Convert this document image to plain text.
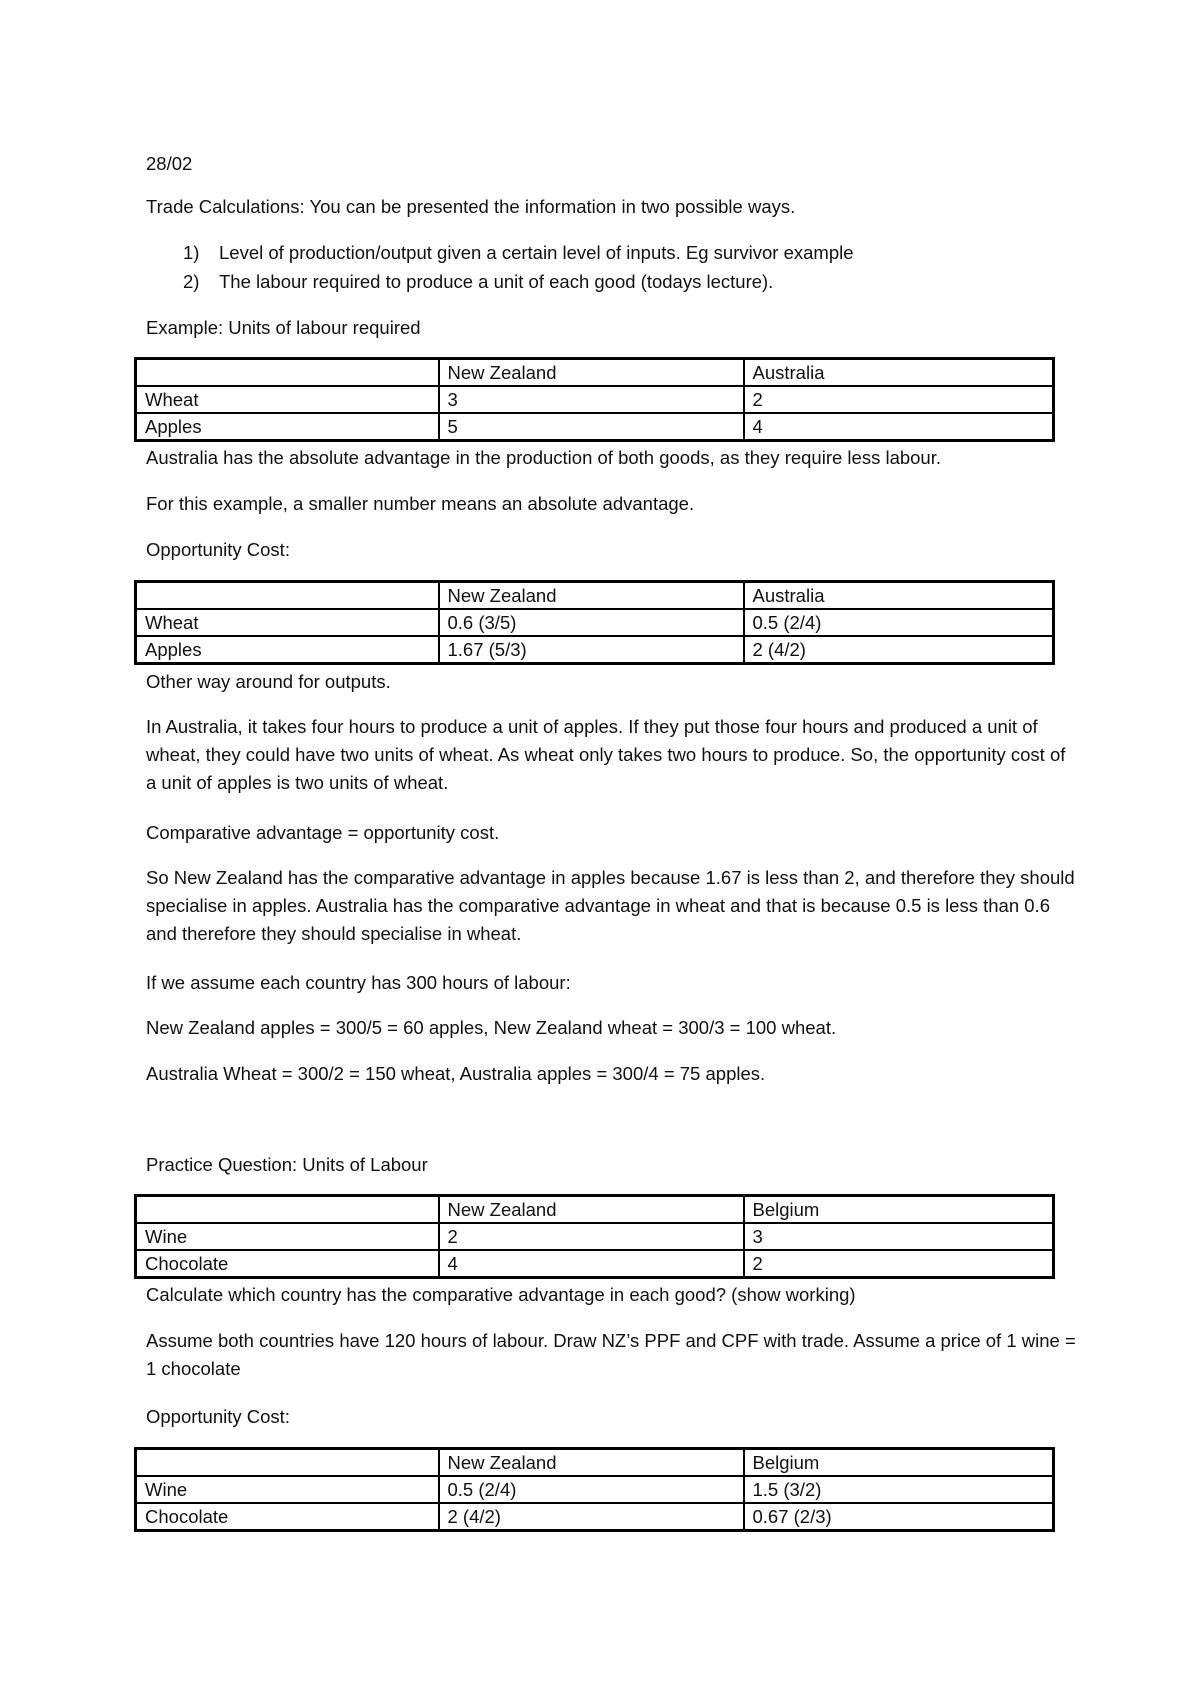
28/02

Trade Calculations: You can be presented the information in two possible ways.

1) Level of production/output given a certain level of inputs. Eg survivor example

2) The labour required to produce a unit of each good (todays lecture).

Example: Units of labour required

	New Zealand	Australia
Wheat	3	2
Apples	5	4

Australia has the absolute advantage in the production of both goods, as they require less labour.

For this example, a smaller number means an absolute advantage.

Opportunity Cost:

	New Zealand	Australia
Wheat	0.6 (3/5)	0.5 (2/4)
Apples	1.67 (5/3)	2 (4/2)

Other way around for outputs.

In Australia, it takes four hours to produce a unit of apples. If they put those four hours and produced a unit of wheat, they could have two units of wheat. As wheat only takes two hours to produce. So, the opportunity cost of a unit of apples is two units of wheat.

Comparative advantage = opportunity cost.

So New Zealand has the comparative advantage in apples because 1.67 is less than 2, and therefore they should specialise in apples. Australia has the comparative advantage in wheat and that is because 0.5 is less than 0.6 and therefore they should specialise in wheat.

If we assume each country has 300 hours of labour:

New Zealand apples = 300/5 = 60 apples, New Zealand wheat = 300/3 = 100 wheat.

Australia Wheat = 300/2 = 150 wheat, Australia apples = 300/4 = 75 apples.

Practice Question: Units of Labour

	New Zealand	Belgium
Wine	2	3
Chocolate	4	2

Calculate which country has the comparative advantage in each good? (show working)

Assume both countries have 120 hours of labour. Draw NZ’s PPF and CPF with trade. Assume a price of 1 wine = 1 chocolate

Opportunity Cost:

	New Zealand	Belgium
Wine	0.5 (2/4)	1.5 (3/2)
Chocolate	2 (4/2)	0.67 (2/3)
